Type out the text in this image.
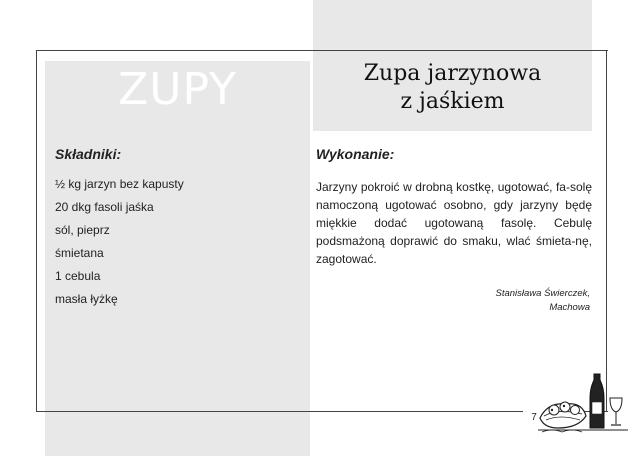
ZUPY	Zupa jarzynowa
z jaśkiem
Składniki:
½ kg jarzyn bez kapusty
20 dkg fasoli jaśka
sól, pieprz
śmietana
1 cebula
masła łyżkę
Wykonanie:
Jarzyny pokroić w drobną kostkę, ugotować, fa-solę namoczoną ugotować osobno, gdy jarzyny będę miękkie dodać ugotowaną fasolę. Cebulę podsmażoną doprawić do smaku, wlać śmieta-nę, zagotować.
Stanisława Świerczek,
Machowa
7
